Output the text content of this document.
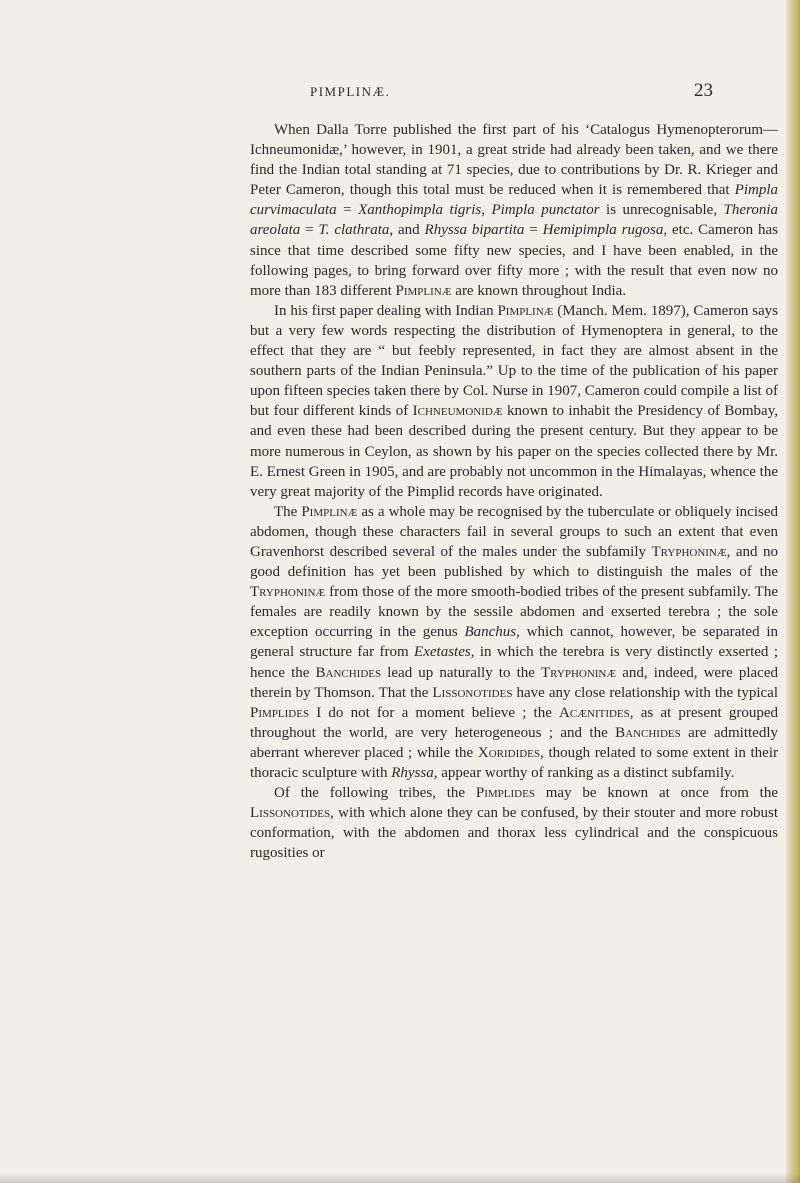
PIMPLINÆ.	23

When Dalla Torre published the first part of his ‘Catalogus Hymenopterorum—Ichneumonidæ,’ however, in 1901, a great stride had already been taken, and we there find the Indian total standing at 71 species, due to contributions by Dr. R. Krieger and Peter Cameron, though this total must be reduced when it is remembered that Pimpla curvimaculata = Xanthopimpla tigris, Pimpla punctator is unrecognisable, Theronia areolata = T. clathrata, and Rhyssa bipartita = Hemipimpla rugosa, etc. Cameron has since that time described some fifty new species, and I have been enabled, in the following pages, to bring forward over fifty more ; with the result that even now no more than 183 different Pimplinæ are known throughout India.

In his first paper dealing with Indian Pimplinæ (Manch. Mem. 1897), Cameron says but a very few words respecting the distribution of Hymenoptera in general, to the effect that they are “ but feebly represented, in fact they are almost absent in the southern parts of the Indian Peninsula.” Up to the time of the publication of his paper upon fifteen species taken there by Col. Nurse in 1907, Cameron could compile a list of but four different kinds of Ichneumonidæ known to inhabit the Presidency of Bombay, and even these had been described during the present century. But they appear to be more numerous in Ceylon, as shown by his paper on the species collected there by Mr. E. Ernest Green in 1905, and are probably not uncommon in the Himalayas, whence the very great majority of the Pimplid records have originated.

The Pimplinæ as a whole may be recognised by the tuberculate or obliquely incised abdomen, though these characters fail in several groups to such an extent that even Gravenhorst described several of the males under the subfamily Tryphoninæ, and no good definition has yet been published by which to distinguish the males of the Tryphoninæ from those of the more smooth-bodied tribes of the present subfamily. The females are readily known by the sessile abdomen and exserted terebra ; the sole exception occurring in the genus Banchus, which cannot, however, be separated in general structure far from Exetastes, in which the terebra is very distinctly exserted ; hence the Banchides lead up naturally to the Tryphoninæ and, indeed, were placed therein by Thomson. That the Lissonotides have any close relationship with the typical Pimplides I do not for a moment believe ; the Acænitides, as at present grouped throughout the world, are very heterogeneous ; and the Banchides are admittedly aberrant wherever placed ; while the Xoridides, though related to some extent in their thoracic sculpture with Rhyssa, appear worthy of ranking as a distinct subfamily.

Of the following tribes, the Pimplides may be known at once from the Lissonotides, with which alone they can be confused, by their stouter and more robust conformation, with the abdomen and thorax less cylindrical and the conspicuous rugosities or
